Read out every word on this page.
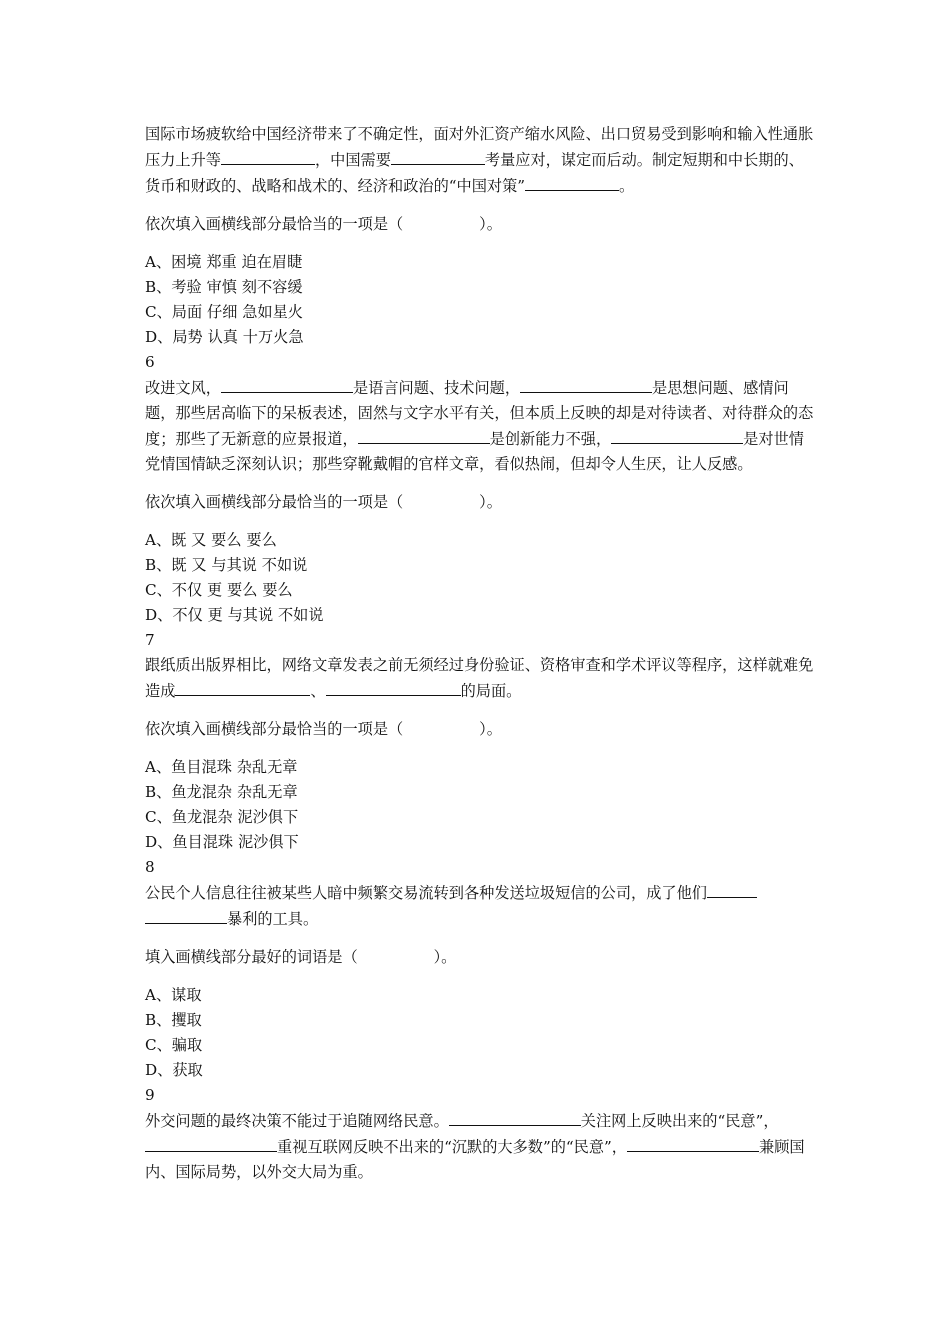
国际市场疲软给中国经济带来了不确定性，面对外汇资产缩水风险、出口贸易受到影响和输入性通胀压力上升等	，中国需要	考量应对，谋定而后动。制定短期和中长期的、货币和财政的、战略和战术的、经济和政治的“中国对策”	。

依次填入画横线部分最恰当的一项是（　　　　　）。

A、困境 郑重 迫在眉睫

B、考验 审慎 刻不容缓

C、局面 仔细 急如星火

D、局势 认真 十万火急

6

改进文风，	是语言问题、技术问题，	是思想问题、感情问题，那些居高临下的呆板表述，固然与文字水平有关，但本质上反映的却是对待读者、对待群众的态度；那些了无新意的应景报道，	是创新能力不强，	是对世情党情国情缺乏深刻认识；那些穿靴戴帽的官样文章，看似热闹，但却令人生厌，让人反感。

依次填入画横线部分最恰当的一项是（　　　　　）。

A、既 又 要么 要么

B、既 又 与其说 不如说

C、不仅 更 要么 要么

D、不仅 更 与其说 不如说

7

跟纸质出版界相比，网络文章发表之前无须经过身份验证、资格审查和学术评议等程序，这样就难免造成	、	的局面。

依次填入画横线部分最恰当的一项是（　　　　　）。

A、鱼目混珠 杂乱无章

B、鱼龙混杂 杂乱无章

C、鱼龙混杂 泥沙俱下

D、鱼目混珠 泥沙俱下

8

公民个人信息往往被某些人暗中频繁交易流转到各种发送垃圾短信的公司，成了他们暴利的工具。

填入画横线部分最好的词语是（　　　　　）。

A、谋取

B、攫取

C、骗取

D、获取

9

外交问题的最终决策不能过于追随网络民意。	关注网上反映出来的“民意”，重视互联网反映不出来的“沉默的大多数”的“民意”，	兼顾国内、国际局势，以外交大局为重。
